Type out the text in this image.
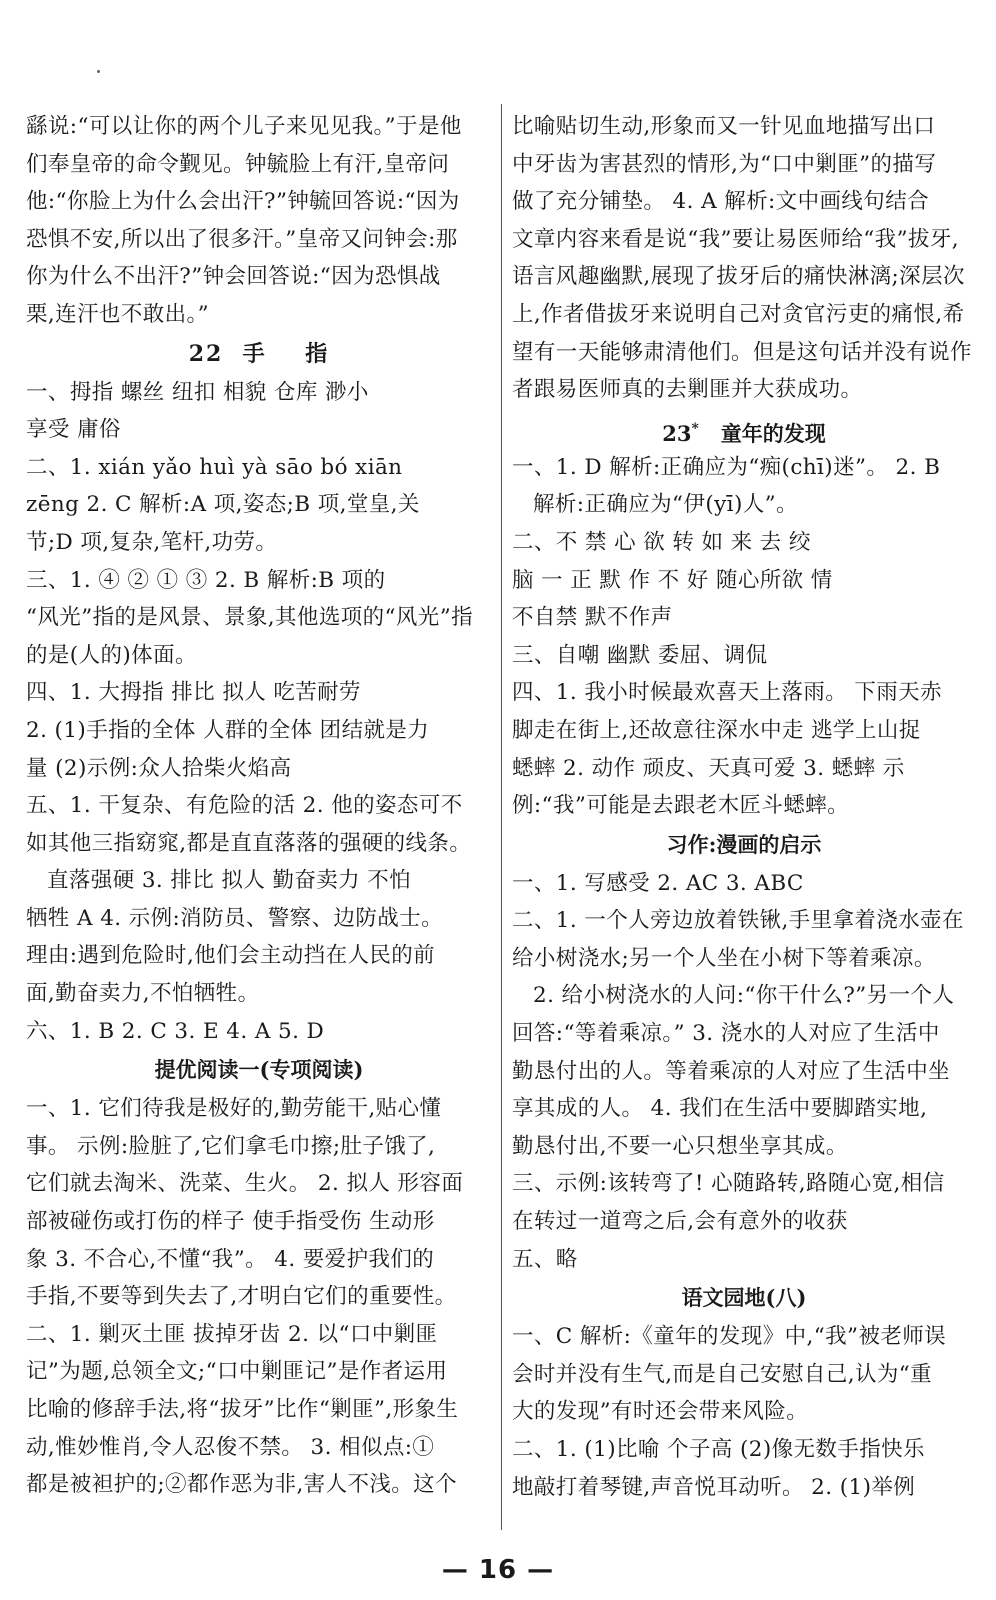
繇说:“可以让你的两个儿子来见见我。”于是他
们奉皇帝的命令觐见。钟毓脸上有汗,皇帝问
他:“你脸上为什么会出汗?”钟毓回答说:“因为
恐惧不安,所以出了很多汗。”皇帝又问钟会:那
你为什么不出汗?”钟会回答说:“因为恐惧战
栗,连汗也不敢出。”
22  手    指
一、拇指 螺丝 纽扣 相貌 仓库 渺小
享受 庸俗
二、1. xián yǎo huì yà sāo bó xiān
zēng 2. C 解析:A 项,姿态;B 项,堂皇,关
节;D 项,复杂,笔杆,功劳。
三、1. ④ ② ① ③ 2. B 解析:B 项的
“风光”指的是风景、景象,其他选项的“风光”指
的是(人的)体面。
四、1. 大拇指 排比 拟人 吃苦耐劳
2. (1)手指的全体 人群的全体 团结就是力
量 (2)示例:众人拾柴火焰高
五、1. 干复杂、有危险的活 2. 他的姿态可不
如其他三指窈窕,都是直直落落的强硬的线条。
直落强硬 3. 排比 拟人 勤奋卖力 不怕
牺牲 A 4. 示例:消防员、警察、边防战士。
理由:遇到危险时,他们会主动挡在人民的前
面,勤奋卖力,不怕牺牲。
六、1. B 2. C 3. E 4. A 5. D
提优阅读一(专项阅读)
一、1. 它们待我是极好的,勤劳能干,贴心懂
事。 示例:脸脏了,它们拿毛巾擦;肚子饿了,
它们就去淘米、洗菜、生火。 2. 拟人 形容面
部被碰伤或打伤的样子 使手指受伤 生动形
象 3. 不合心,不懂“我”。 4. 要爱护我们的
手指,不要等到失去了,才明白它们的重要性。
二、1. 剿灭土匪 拔掉牙齿 2. 以“口中剿匪
记”为题,总领全文;“口中剿匪记”是作者运用
比喻的修辞手法,将“拔牙”比作“剿匪”,形象生
动,惟妙惟肖,令人忍俊不禁。 3. 相似点:①
都是被袒护的;②都作恶为非,害人不浅。这个
比喻贴切生动,形象而又一针见血地描写出口
中牙齿为害甚烈的情形,为“口中剿匪”的描写
做了充分铺垫。 4. A 解析:文中画线句结合
文章内容来看是说“我”要让易医师给“我”拔牙,
语言风趣幽默,展现了拔牙后的痛快淋漓;深层次
上,作者借拔牙来说明自己对贪官污吏的痛恨,希
望有一天能够肃清他们。但是这句话并没有说作
者跟易医师真的去剿匪并大获成功。
23*   童年的发现
一、1. D 解析:正确应为“痴(chī)迷”。 2. B
解析:正确应为“伊(yī)人”。
二、不 禁 心 欲 转 如 来 去 绞
脑 一 正 默 作 不 好 随心所欲 情
不自禁 默不作声
三、自嘲 幽默 委屈、调侃
四、1. 我小时候最欢喜天上落雨。 下雨天赤
脚走在街上,还故意往深水中走 逃学上山捉
蟋蟀 2. 动作 顽皮、天真可爱 3. 蟋蟀 示
例:“我”可能是去跟老木匠斗蟋蟀。
习作:漫画的启示
一、1. 写感受 2. AC 3. ABC
二、1. 一个人旁边放着铁锹,手里拿着浇水壶在
给小树浇水;另一个人坐在小树下等着乘凉。
2. 给小树浇水的人问:“你干什么?”另一个人
回答:“等着乘凉。” 3. 浇水的人对应了生活中
勤恳付出的人。等着乘凉的人对应了生活中坐
享其成的人。 4. 我们在生活中要脚踏实地,
勤恳付出,不要一心只想坐享其成。
三、示例:该转弯了! 心随路转,路随心宽,相信
在转过一道弯之后,会有意外的收获
五、略
语文园地(八)
一、C 解析:《童年的发现》中,“我”被老师误
会时并没有生气,而是自己安慰自己,认为“重
大的发现”有时还会带来风险。
二、1. (1)比喻 个子高 (2)像无数手指快乐
地敲打着琴键,声音悦耳动听。 2. (1)举例
— 16 —
